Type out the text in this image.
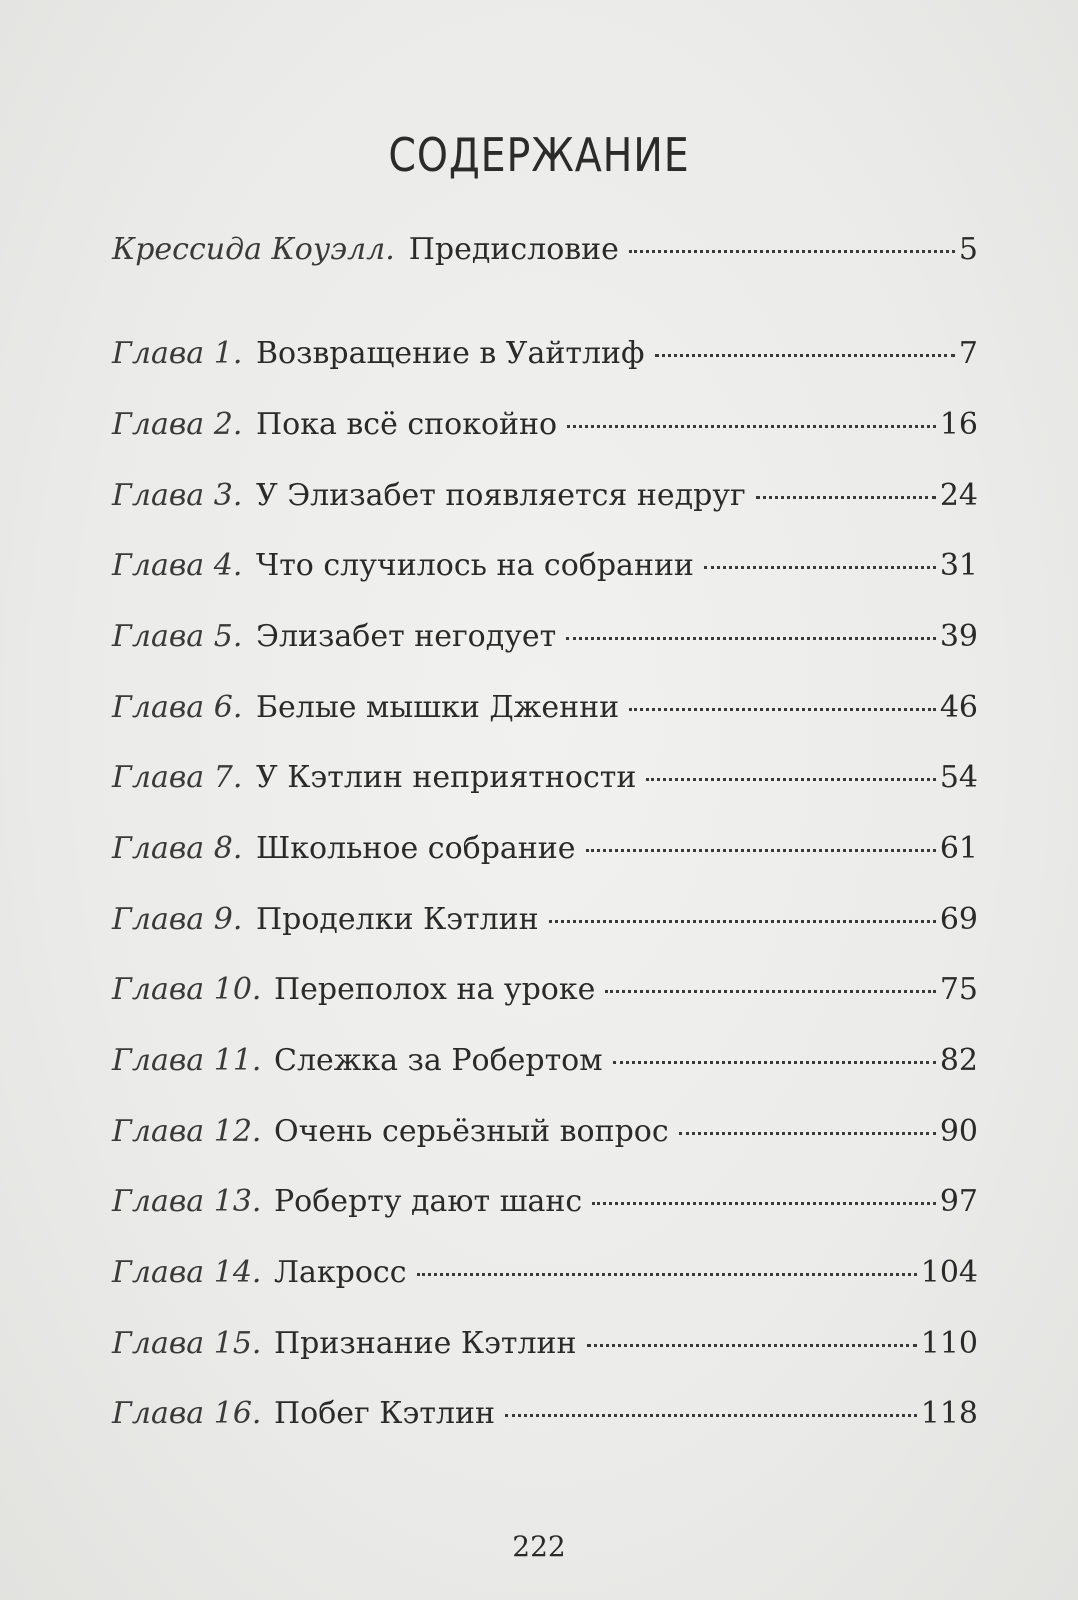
СОДЕРЖАНИЕ
Крессида Коуэлл. Предисловие	5
Глава 1. Возвращение в Уайтлиф	7
Глава 2. Пока всё спокойно	16
Глава 3. У Элизабет появляется недруг	24
Глава 4. Что случилось на собрании	31
Глава 5. Элизабет негодует	39
Глава 6. Белые мышки Дженни	46
Глава 7. У Кэтлин неприятности	54
Глава 8. Школьное собрание	61
Глава 9. Проделки Кэтлин	69
Глава 10. Переполох на уроке	75
Глава 11. Слежка за Робертом	82
Глава 12. Очень серьёзный вопрос	90
Глава 13. Роберту дают шанс	97
Глава 14. Лакросс	104
Глава 15. Признание Кэтлин	110
Глава 16. Побег Кэтлин	118
222
